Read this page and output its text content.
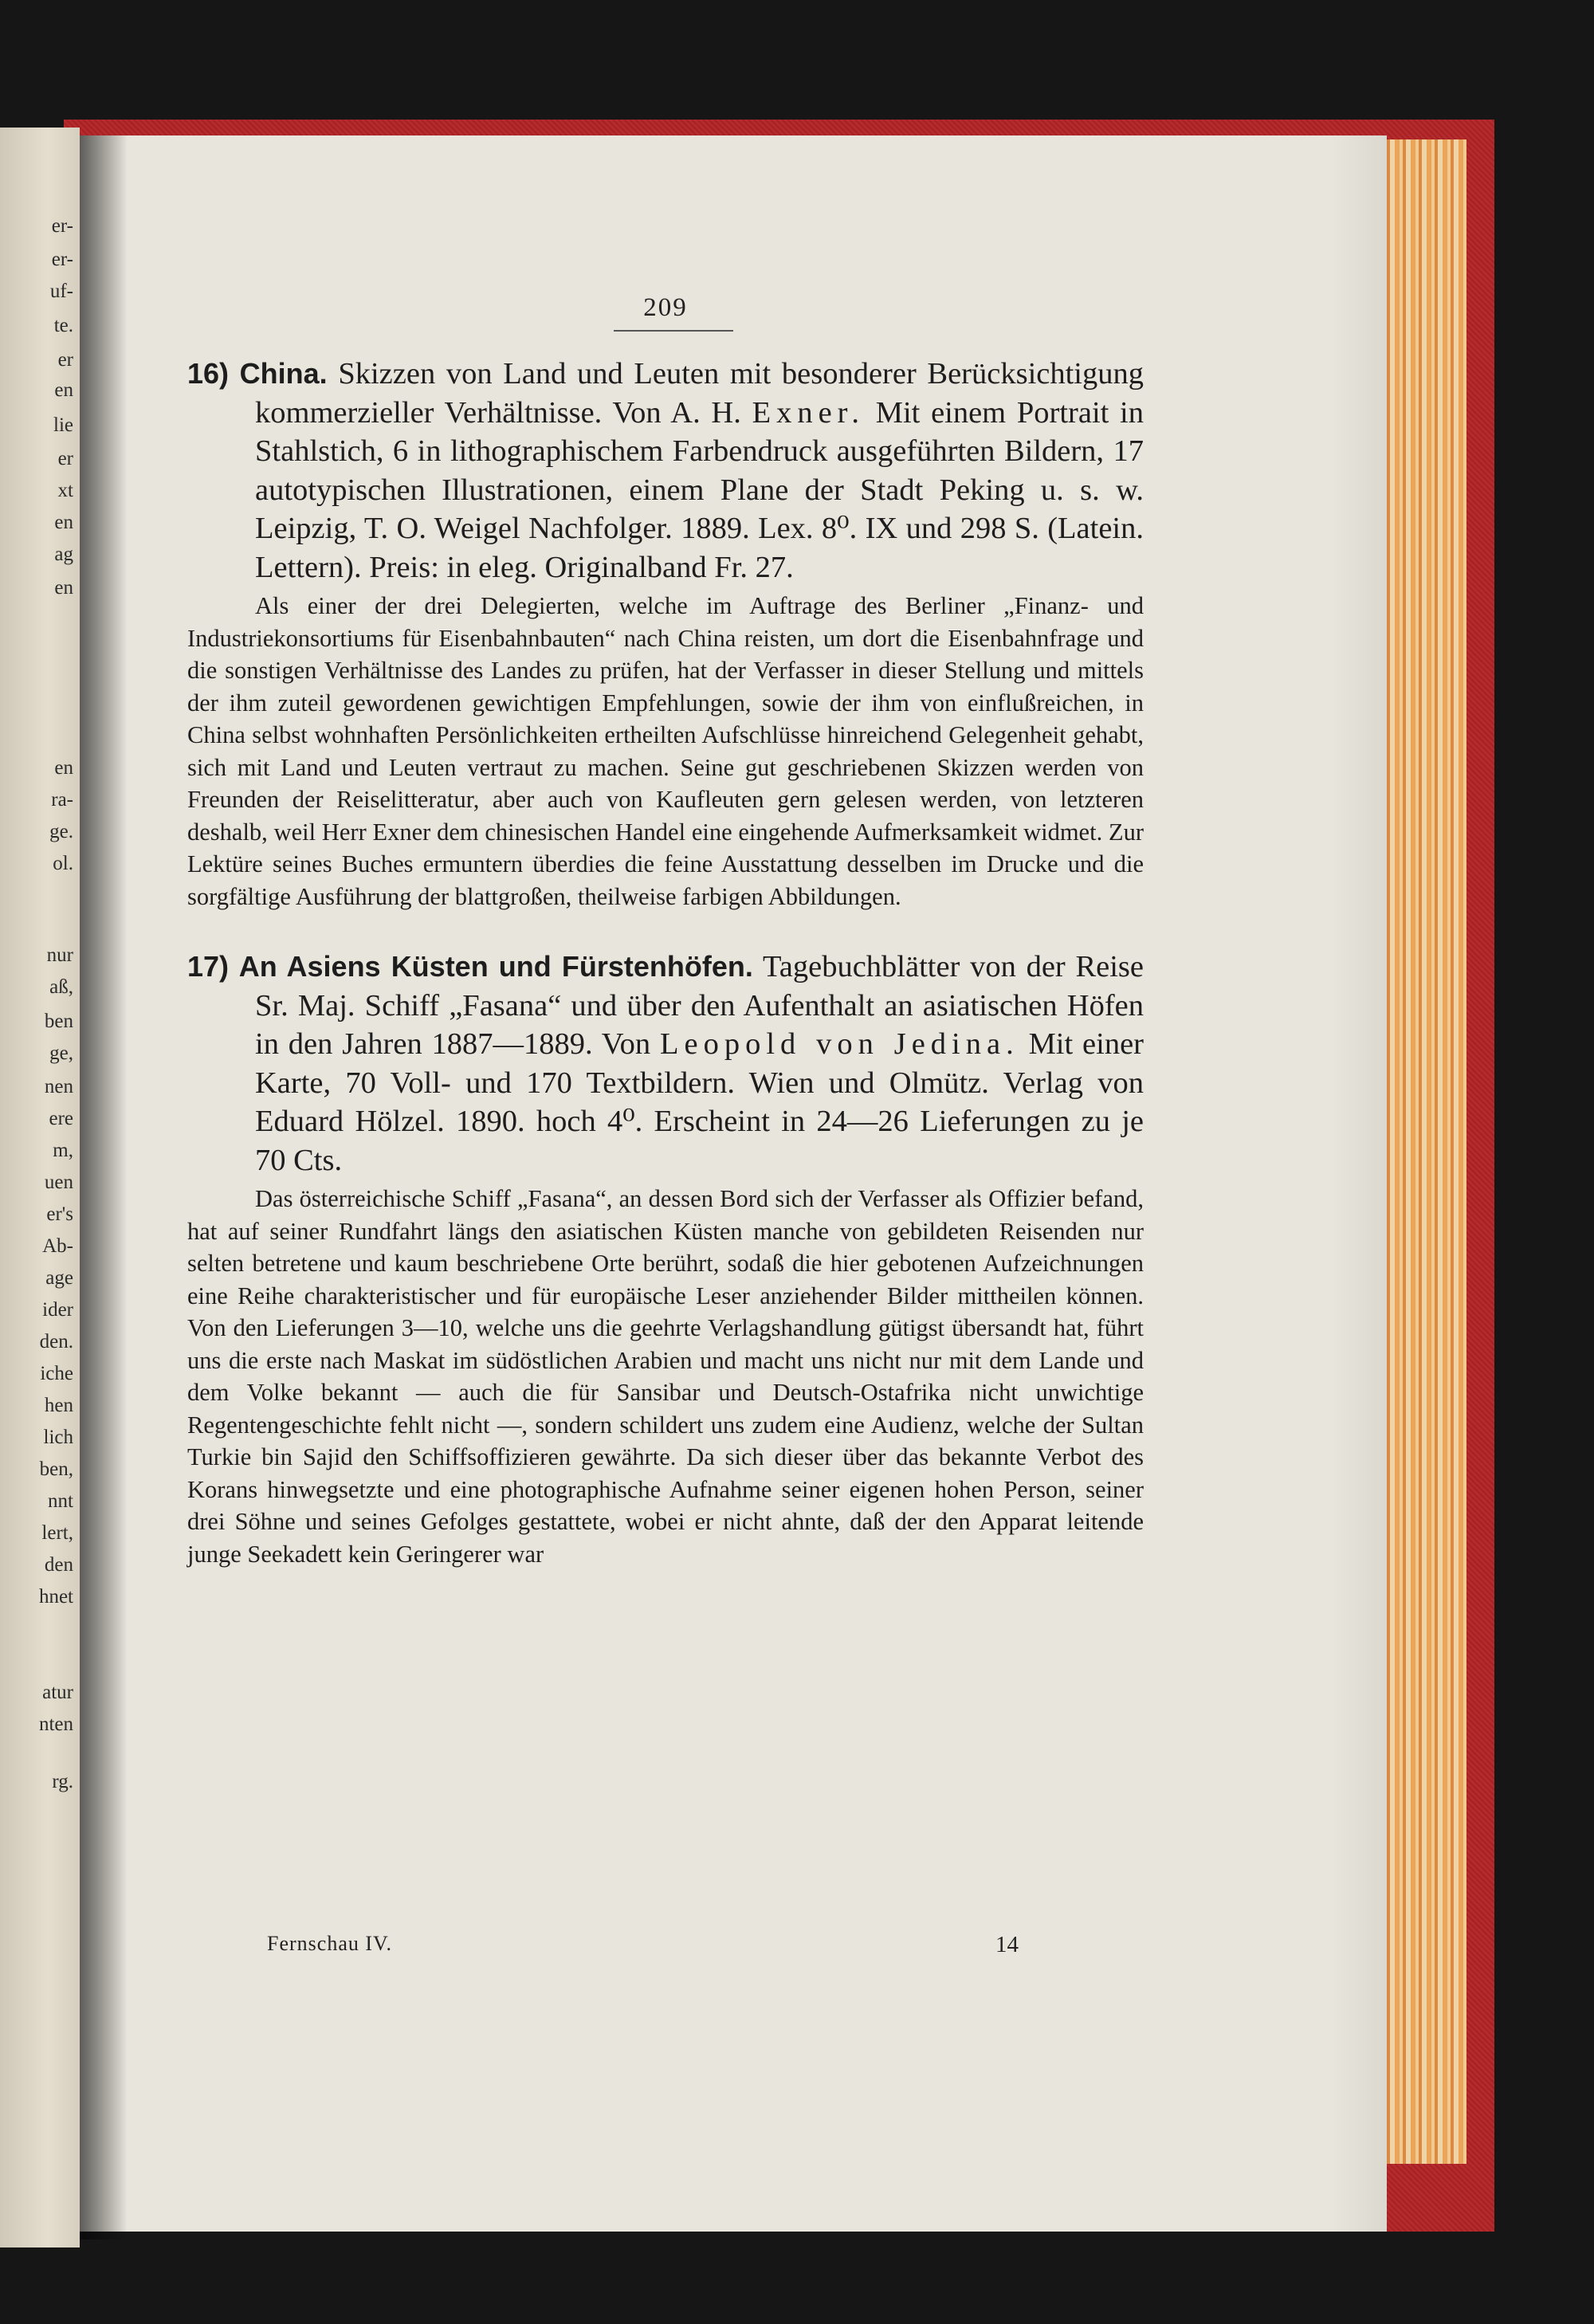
er-
er-
uf-
te.
er
en
lie
er
xt
en
ag
en
en
ra-
ge.
ol.
nur
aß,
ben
ge,
nen
ere
m,
uen
er's
Ab-
age
ider
den.
iche
hen
lich
ben,
nnt
lert,
den
hnet
atur
nten
rg.
209

16) China. Skizzen von Land und Leuten mit besonderer Berücksichtigung kommerzieller Verhältnisse. Von A. H. Exner. Mit einem Portrait in Stahlstich, 6 in lithographischem Farbendruck ausgeführten Bildern, 17 autotypischen Illustrationen, einem Plane der Stadt Peking u. s. w. Leipzig, T. O. Weigel Nachfolger. 1889. Lex. 8⁰. IX und 298 S. (Latein. Lettern). Preis: in eleg. Originalband Fr. 27.

Als einer der drei Delegierten, welche im Auftrage des Berliner „Finanz- und Industriekonsortiums für Eisenbahnbauten“ nach China reisten, um dort die Eisenbahnfrage und die sonstigen Verhältnisse des Landes zu prüfen, hat der Verfasser in dieser Stellung und mittels der ihm zuteil gewordenen gewichtigen Empfehlungen, sowie der ihm von einflußreichen, in China selbst wohnhaften Persönlichkeiten ertheilten Aufschlüsse hinreichend Gelegenheit gehabt, sich mit Land und Leuten vertraut zu machen. Seine gut geschriebenen Skizzen werden von Freunden der Reiselitteratur, aber auch von Kaufleuten gern gelesen werden, von letzteren deshalb, weil Herr Exner dem chinesischen Handel eine eingehende Aufmerksamkeit widmet. Zur Lektüre seines Buches ermuntern überdies die feine Ausstattung desselben im Drucke und die sorgfältige Ausführung der blattgroßen, theilweise farbigen Abbildungen.

17) An Asiens Küsten und Fürstenhöfen. Tagebuchblätter von der Reise Sr. Maj. Schiff „Fasana“ und über den Aufenthalt an asiatischen Höfen in den Jahren 1887—1889. Von Leopold von Jedina. Mit einer Karte, 70 Voll- und 170 Textbildern. Wien und Olmütz. Verlag von Eduard Hölzel. 1890. hoch 4⁰. Erscheint in 24—26 Lieferungen zu je 70 Cts.

Das österreichische Schiff „Fasana“, an dessen Bord sich der Verfasser als Offizier befand, hat auf seiner Rundfahrt längs den asiatischen Küsten manche von gebildeten Reisenden nur selten betretene und kaum beschriebene Orte berührt, sodaß die hier gebotenen Aufzeichnungen eine Reihe charakteristischer und für europäische Leser anziehender Bilder mittheilen können. Von den Lieferungen 3—10, welche uns die geehrte Verlagshandlung gütigst übersandt hat, führt uns die erste nach Maskat im südöstlichen Arabien und macht uns nicht nur mit dem Lande und dem Volke bekannt — auch die für Sansibar und Deutsch-Ostafrika nicht unwichtige Regentengeschichte fehlt nicht —, sondern schildert uns zudem eine Audienz, welche der Sultan Turkie bin Sajid den Schiffsoffizieren gewährte. Da sich dieser über das bekannte Verbot des Korans hinwegsetzte und eine photographische Aufnahme seiner eigenen hohen Person, seiner drei Söhne und seines Gefolges gestattete, wobei er nicht ahnte, daß der den Apparat leitende junge Seekadett kein Geringerer war

Fernschau IV.	14
